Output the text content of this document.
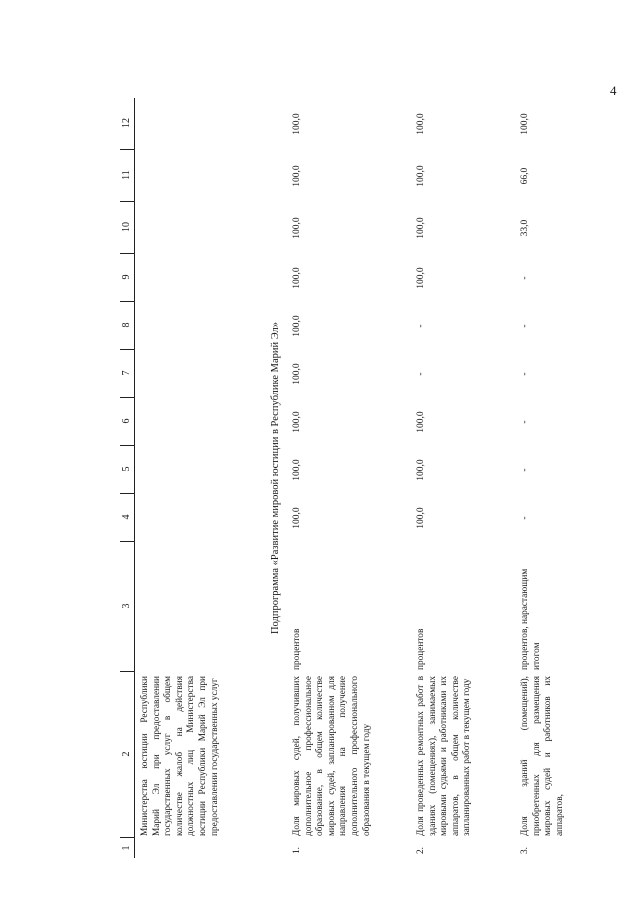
4
1
2
3
4
5
6
7
8
9
10
11
12
Министерства юстиции Республики Марий Эл при предоставлении государственных услуг в общем количестве жалоб на действия должностных лиц Министерства юстиции Республики Марий Эл при предоставлении государственных услуг
Подпрограмма «Развитие мировой юстиции в Республике Марий Эл»
1.
Доля мировых судей, получивших дополнительное профессиональное образование, в общем количестве мировых судей, запланированном для направления на получение дополнительного профессионального образования в текущем году
процентов
100,0
100,0
100,0
100,0
100,0
100,0
100,0
100,0
100,0
2.
Доля проведенных ремонтных работ в зданиях (помещениях), занимаемых мировыми судьями и работниками их аппаратов, в общем количестве запланированных работ в текущем году
процентов
100,0
100,0
100,0
-
-
100,0
100,0
100,0
100,0
3.
Доля зданий (помещений), приобретенных для размещения мировых судей и работников их аппаратов,
процентов, нарастающим итогом
-
-
-
-
-
-
33,0
66,0
100,0
